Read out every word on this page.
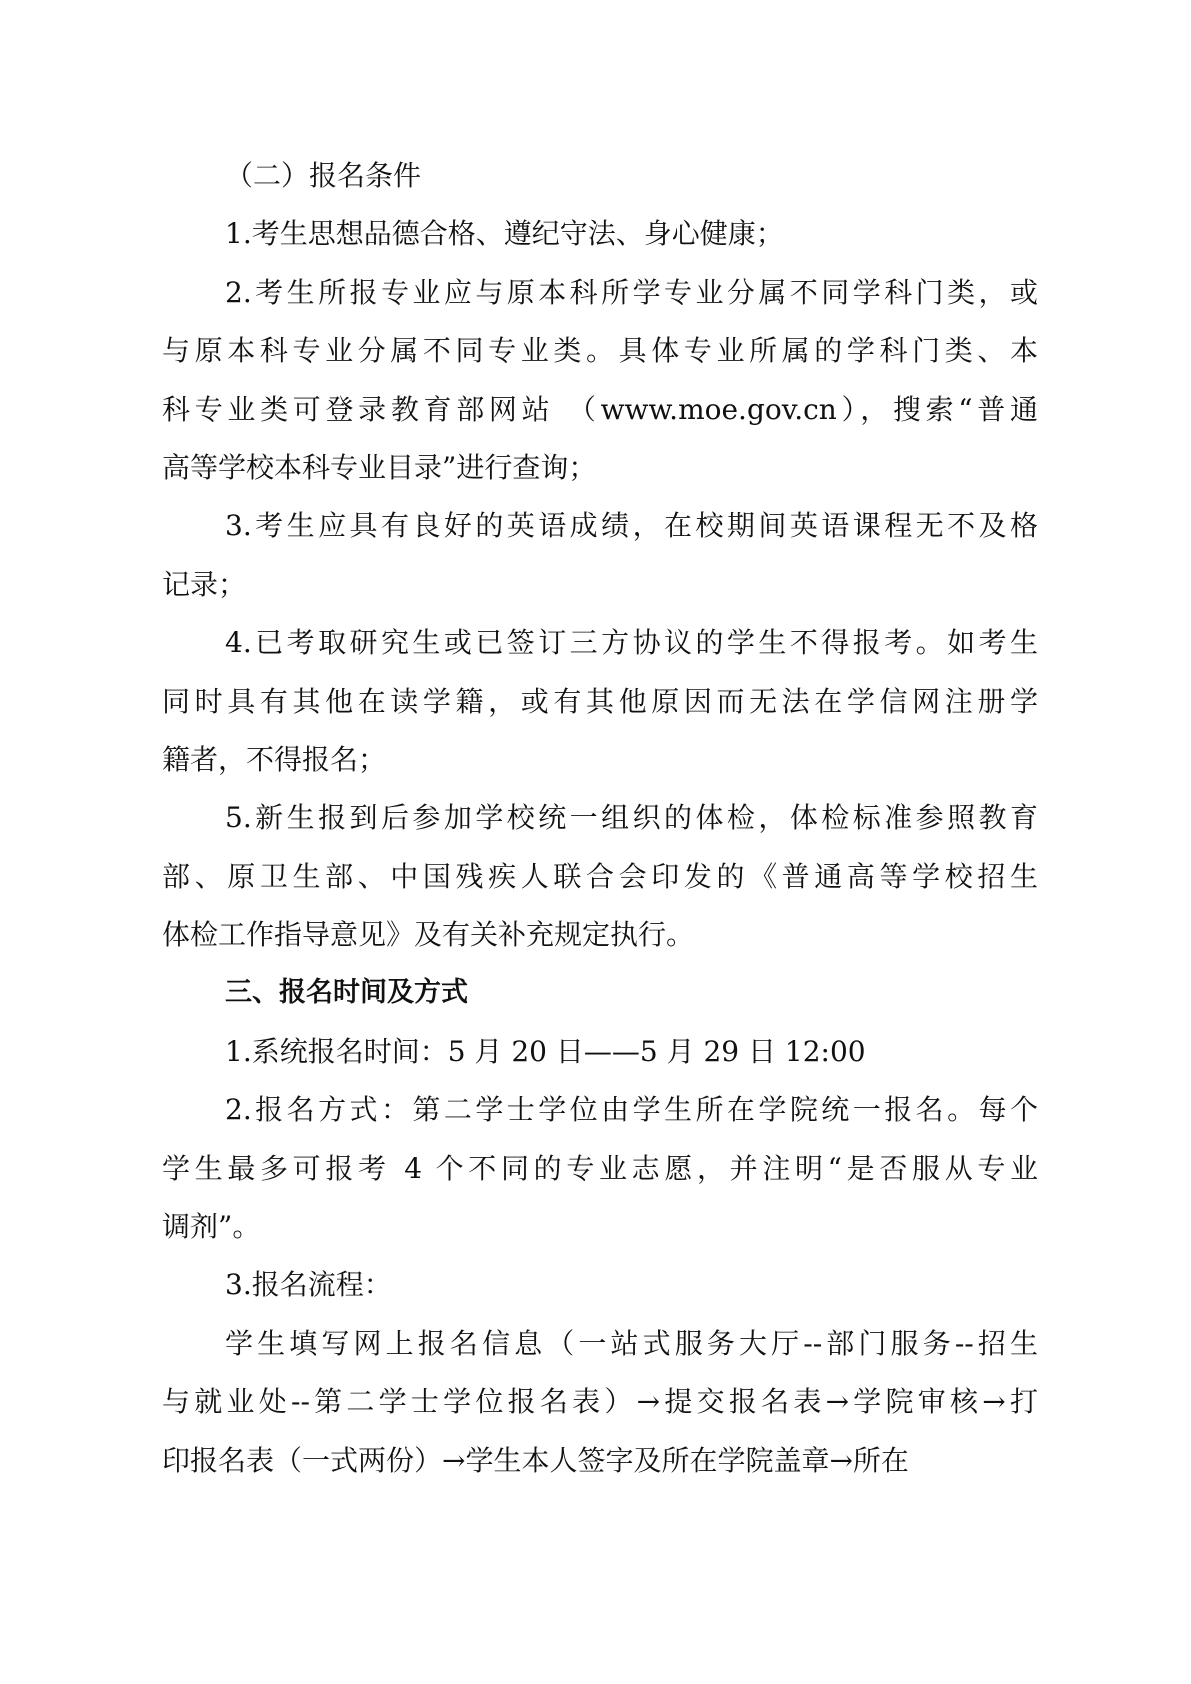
（二）报名条件
1.考生思想品德合格、遵纪守法、身心健康；
2.考生所报专业应与原本科所学专业分属不同学科门类，或
与原本科专业分属不同专业类。具体专业所属的学科门类、本
科专业类可登录教育部网站 （www.moe.gov.cn），搜索“普通
高等学校本科专业目录”进行查询；
3.考生应具有良好的英语成绩，在校期间英语课程无不及格
记录；
4.已考取研究生或已签订三方协议的学生不得报考。如考生
同时具有其他在读学籍，或有其他原因而无法在学信网注册学
籍者，不得报名；
5.新生报到后参加学校统一组织的体检，体检标准参照教育
部、原卫生部、中国残疾人联合会印发的《普通高等学校招生
体检工作指导意见》及有关补充规定执行。
三、报名时间及方式
1.系统报名时间：5 月 20 日——5 月 29 日 12:00
2.报名方式：第二学士学位由学生所在学院统一报名。每个
学生最多可报考 4 个不同的专业志愿，并注明“是否服从专业
调剂”。
3.报名流程：
学生填写网上报名信息（一站式服务大厅--部门服务--招生
与就业处--第二学士学位报名表）→提交报名表→学院审核→打
印报名表（一式两份）→学生本人签字及所在学院盖章→所在
